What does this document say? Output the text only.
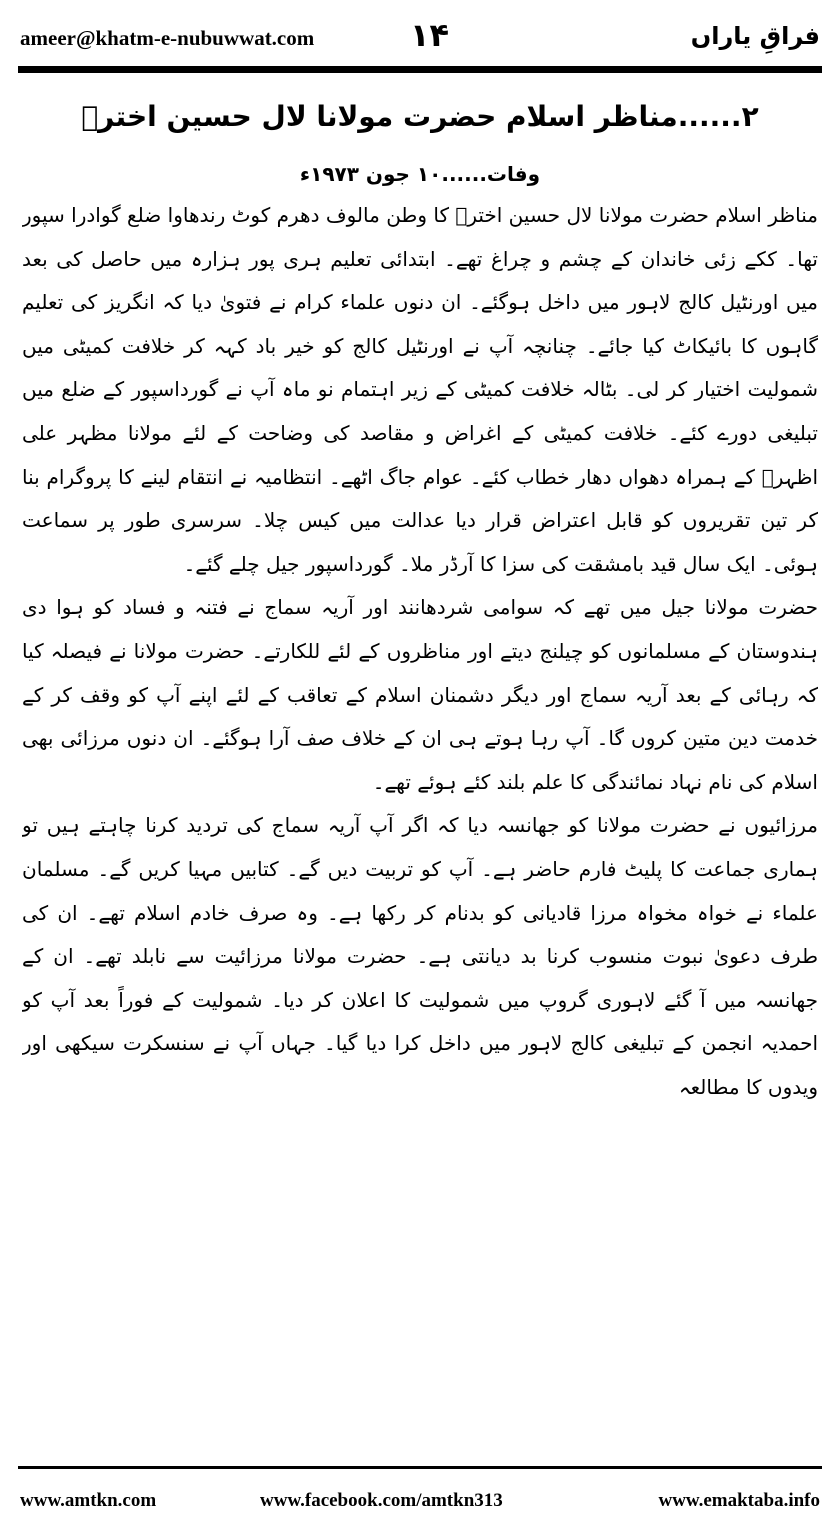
ameer@khatm-e-nubuwwat.com	۱۴	فراقِ یاراں
۲......مناظر اسلام حضرت مولانا لال حسین اخترؒ
وفات......۱۰ جون ۱۹۷۳ء

مناظر اسلام حضرت مولانا لال حسین اخترؒ کا وطن مالوف دھرم کوٹ رندھاوا ضلع گوادرا سپور تھا۔ ککے زئی خاندان کے چشم و چراغ تھے۔ ابتدائی تعلیم ہری پور ہزارہ میں حاصل کی بعد میں اورنٹیل کالج لاہور میں داخل ہوگئے۔ ان دنوں علماء کرام نے فتویٰ دیا کہ انگریز کی تعلیم گاہوں کا بائیکاٹ کیا جائے۔ چنانچہ آپ نے اورنٹیل کالج کو خیر باد کہہ کر خلافت کمیٹی میں شمولیت اختیار کر لی۔ بٹالہ خلافت کمیٹی کے زیر اہتمام نو ماہ آپ نے گورداسپور کے ضلع میں تبلیغی دورے کئے۔ خلافت کمیٹی کے اغراض و مقاصد کی وضاحت کے لئے مولانا مظہر علی اظہرؒ کے ہمراہ دھواں دھار خطاب کئے۔ عوام جاگ اٹھے۔ انتظامیہ نے انتقام لینے کا پروگرام بنا کر تین تقریروں کو قابل اعتراض قرار دیا عدالت میں کیس چلا۔ سرسری طور پر سماعت ہوئی۔ ایک سال قید بامشقت کی سزا کا آرڈر ملا۔ گورداسپور جیل چلے گئے۔

حضرت مولانا جیل میں تھے کہ سوامی شردھانند اور آریہ سماج نے فتنہ و فساد کو ہوا دی ہندوستان کے مسلمانوں کو چیلنج دیتے اور مناظروں کے لئے للکارتے۔ حضرت مولانا نے فیصلہ کیا کہ رہائی کے بعد آریہ سماج اور دیگر دشمنان اسلام کے تعاقب کے لئے اپنے آپ کو وقف کر کے خدمت دین متین کروں گا۔ آپ رہا ہوتے ہی ان کے خلاف صف آرا ہوگئے۔ ان دنوں مرزائی بھی اسلام کی نام نہاد نمائندگی کا علم بلند کئے ہوئے تھے۔

مرزائیوں نے حضرت مولانا کو جھانسہ دیا کہ اگر آپ آریہ سماج کی تردید کرنا چاہتے ہیں تو ہماری جماعت کا پلیٹ فارم حاضر ہے۔ آپ کو تربیت دیں گے۔ کتابیں مہیا کریں گے۔ مسلمان علماء نے خواہ مخواہ مرزا قادیانی کو بدنام کر رکھا ہے۔ وہ صرف خادم اسلام تھے۔ ان کی طرف دعویٰ نبوت منسوب کرنا بد دیانتی ہے۔ حضرت مولانا مرزائیت سے نابلد تھے۔ ان کے جھانسہ میں آ گئے لاہوری گروپ میں شمولیت کا اعلان کر دیا۔ شمولیت کے فوراً بعد آپ کو احمدیہ انجمن کے تبلیغی کالج لاہور میں داخل کرا دیا گیا۔ جہاں آپ نے سنسکرت سیکھی اور ویدوں کا مطالعہ

www.amtkn.com	www.facebook.com/amtkn313	www.emaktaba.info
